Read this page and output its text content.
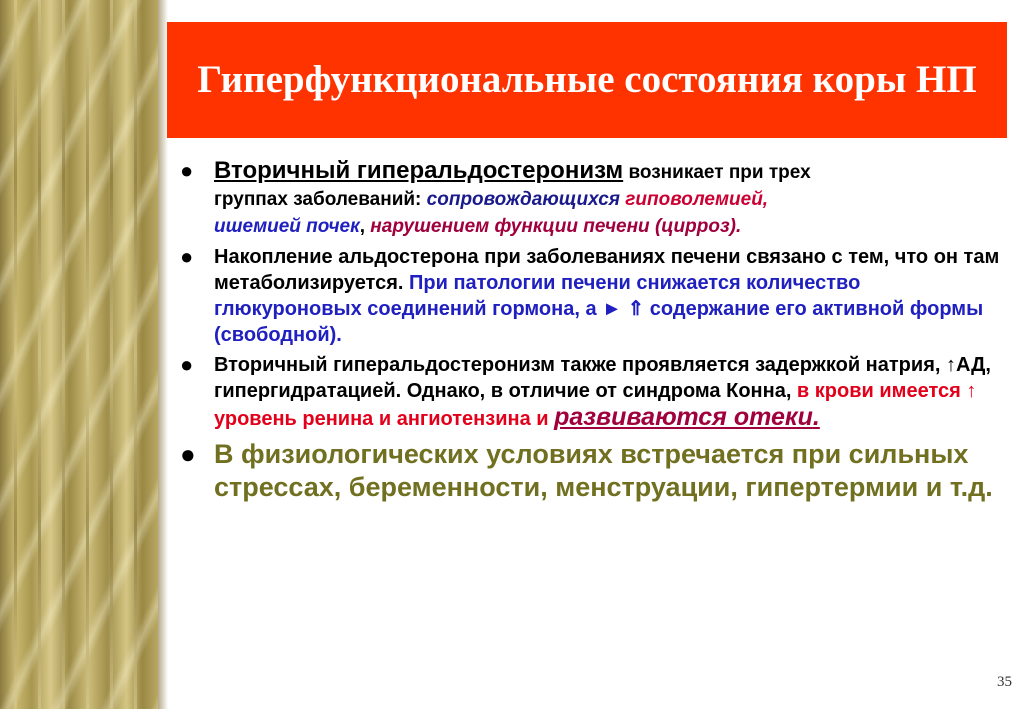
Гиперфункциональные состояния коры НП
● Вторичный гиперальдостеронизм возникает при трех
группах заболеваний: сопровождающихся гиповолемией,
ишемией почек, нарушением функции печени (цирроз).
● Накопление альдостерона при заболеваниях печени связано с тем, что он там метаболизируется. При патологии печени снижается количество глюкуроновых соединений гормона, а ► ⇑ содержание его активной формы (свободной).
● Вторичный гиперальдостеронизм также проявляется задержкой натрия, ↑АД, гипергидратацией. Однако, в отличие от синдрома Конна, в крови имеется ↑ уровень ренина и ангиотензина и развиваются отеки.
● В физиологических условиях встречается при сильных стрессах, беременности, менструации, гипертермии и т.д.
35
